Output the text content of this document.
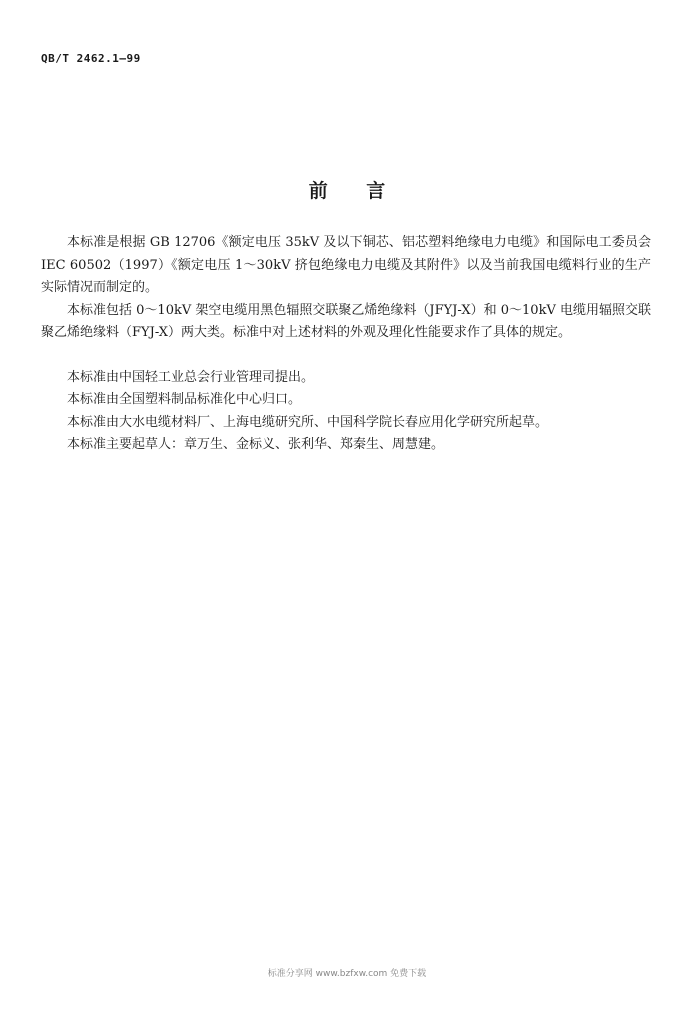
QB/T 2462.1—99
前 言

本标准是根据 GB 12706《额定电压 35kV 及以下铜芯、铝芯塑料绝缘电力电缆》和国际电工委员会 IEC 60502（1997）《额定电压 1～30kV 挤包绝缘电力电缆及其附件》以及当前我国电缆料行业的生产实际情况而制定的。

本标准包括 0～10kV 架空电缆用黑色辐照交联聚乙烯绝缘料（JFYJ-X）和 0～10kV 电缆用辐照交联聚乙烯绝缘料（FYJ-X）两大类。标准中对上述材料的外观及理化性能要求作了具体的规定。

本标准由中国轻工业总会行业管理司提出。

本标准由全国塑料制品标准化中心归口。

本标准由大水电缆材料厂、上海电缆研究所、中国科学院长春应用化学研究所起草。

本标准主要起草人：章万生、金标义、张利华、郑秦生、周慧建。

标准分享网 www.bzfxw.com 免费下载
